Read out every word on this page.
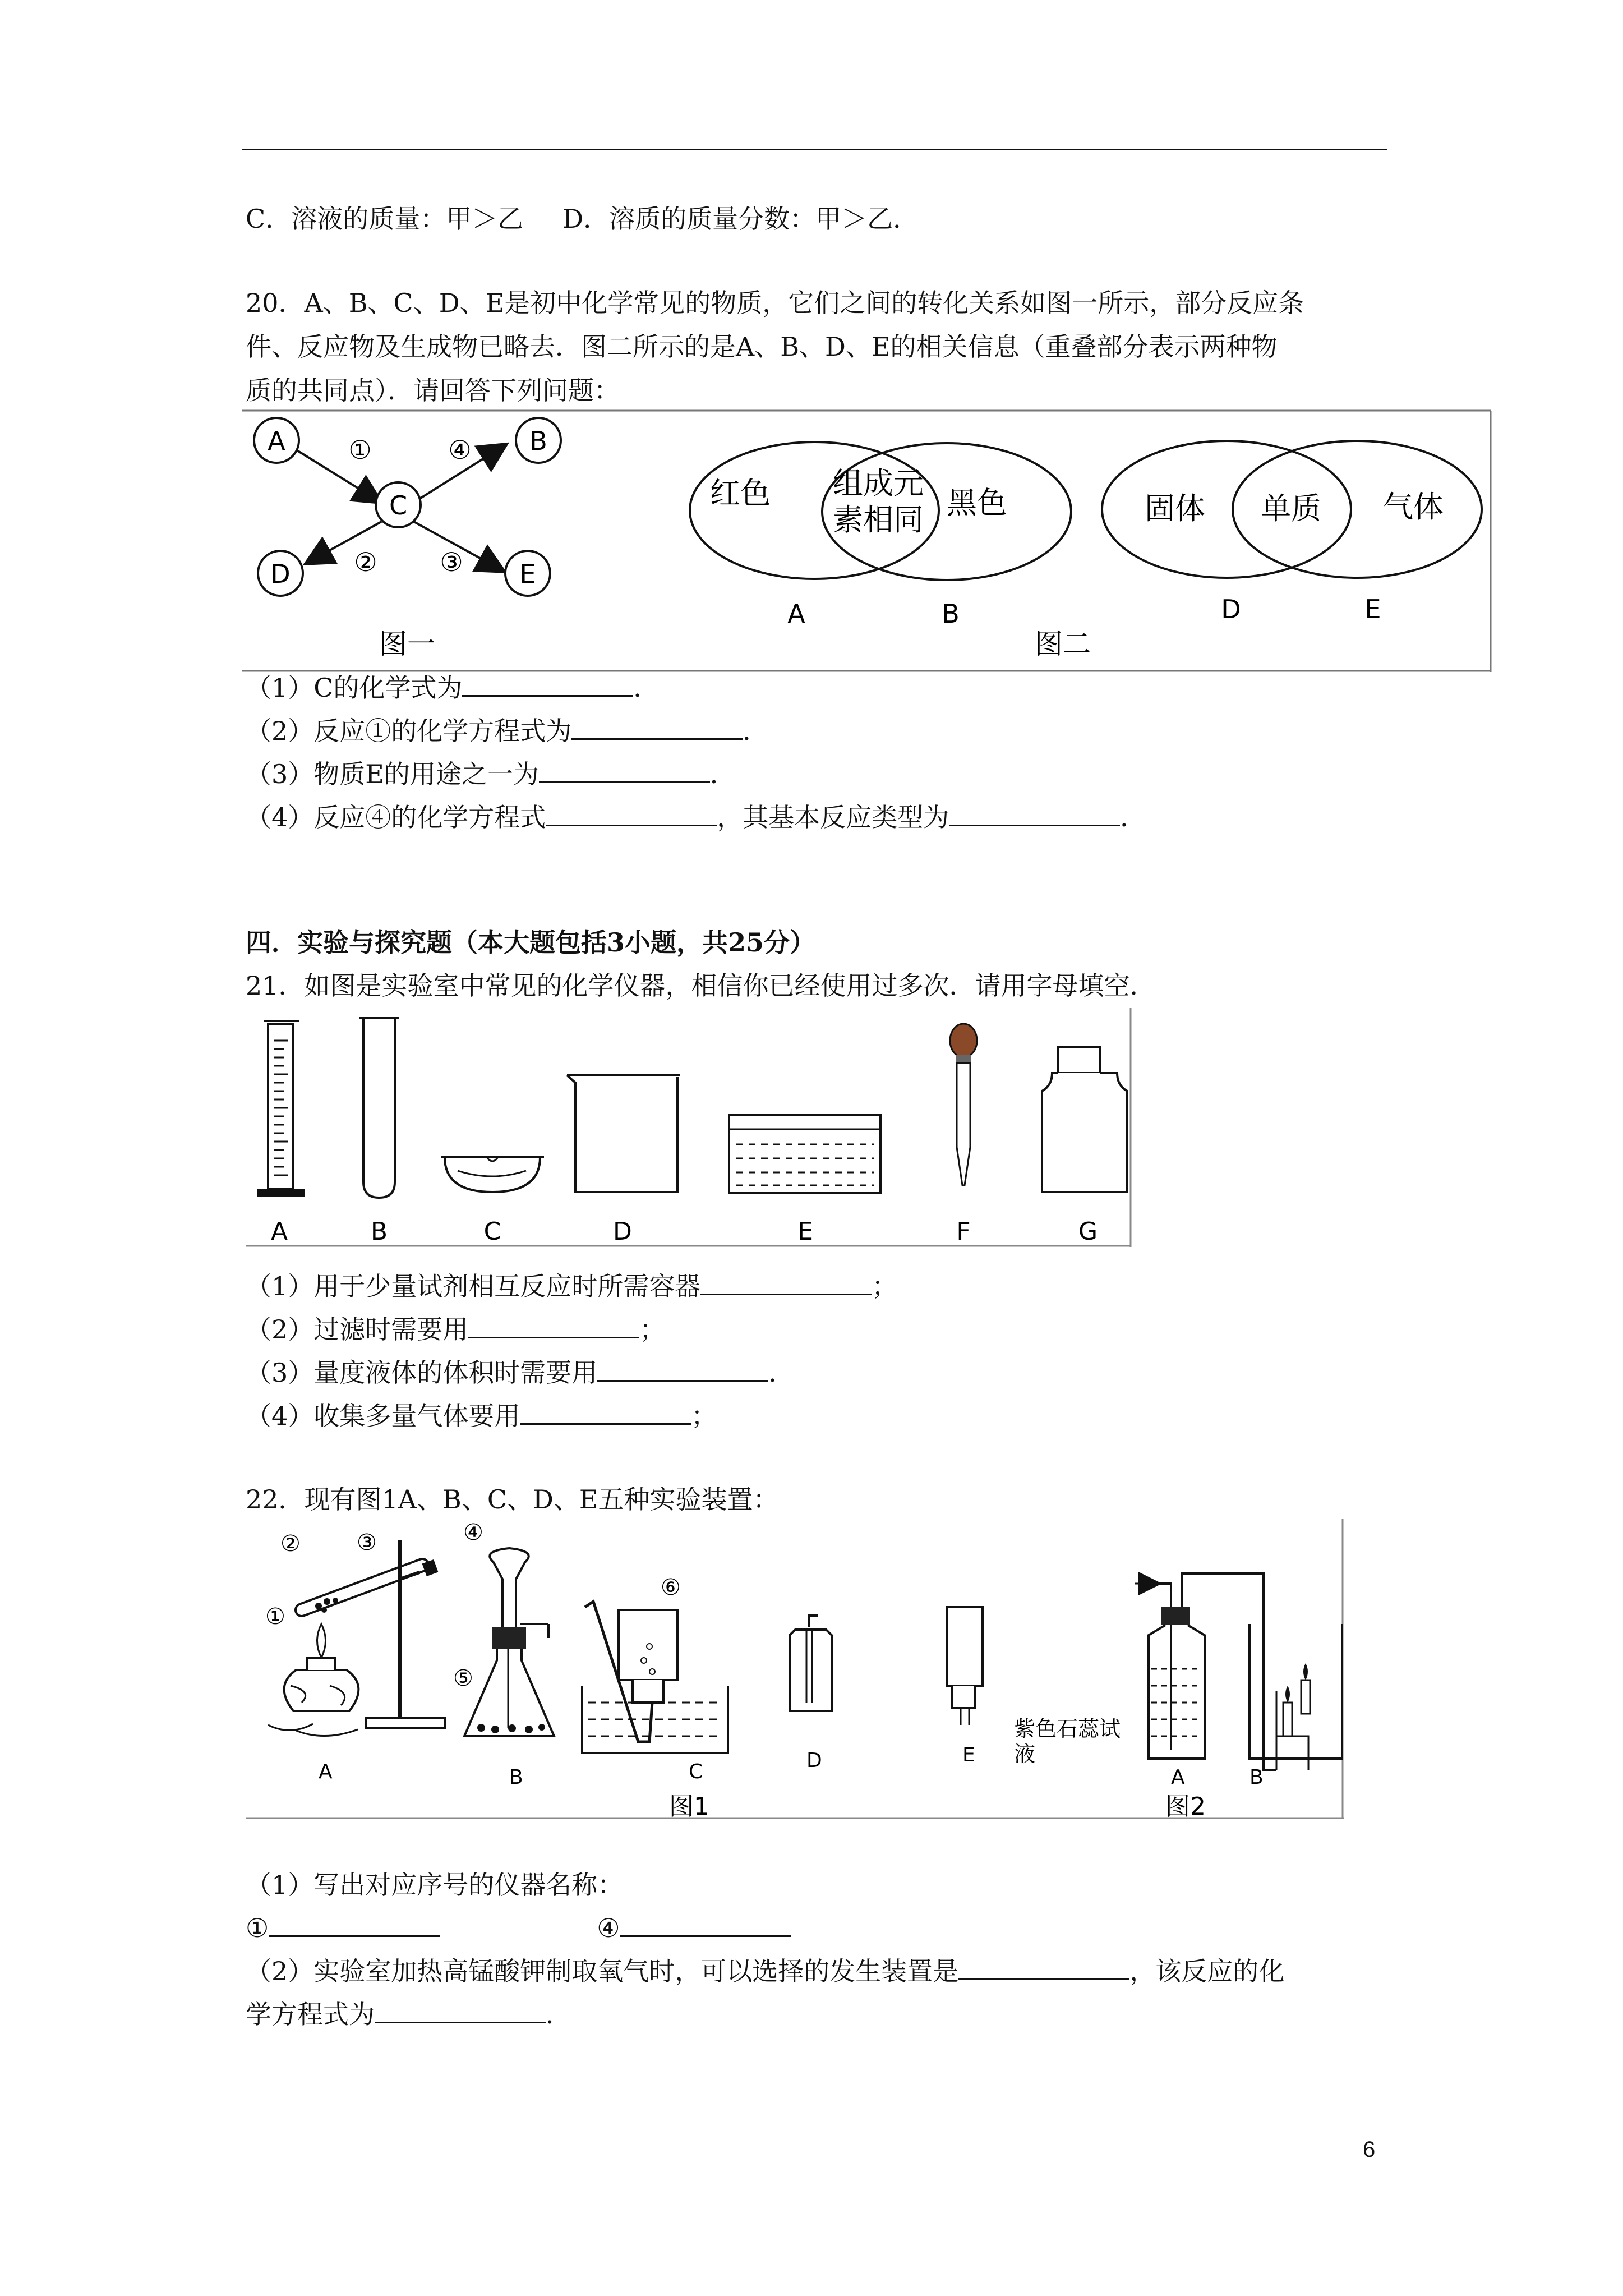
C．溶液的质量：甲＞乙 D．溶质的质量分数：甲＞乙．
20．A、B、C、D、E是初中化学常见的物质，它们之间的转化关系如图一所示，部分反应条
件、反应物及生成物已略去．图二所示的是A、B、D、E的相关信息（重叠部分表示两种物
质的共同点）．请回答下列问题：
A	B
C
D	E
①	④
② ③
图一
红色 组成元
素相同 黑色
A	B
固体 单质 气体
D	E
图二
（1）C的化学式为	．
（2）反应①的化学方程式为	．
（3）物质E的用途之一为	．
（4）反应④的化学方程式	，其基本反应类型为	．
四．实验与探究题（本大题包括3小题，共25分）
21．如图是实验室中常见的化学仪器，相信你已经使用过多次．请用字母填空．
A	B	C	D	E	F	G
（1）用于少量试剂相互反应时所需容器	；
（2）过滤时需要用	；
（3）量度液体的体积时需要用	．
（4）收集多量气体要用	；
22．现有图1A、B、C、D、E五种实验装置：
①
②	③	④
⑤
⑥
紫色石蕊试
液
A	B	C	D	E
图1
A	B
图2
（1）写出对应序号的仪器名称：
①	④
（2）实验室加热高锰酸钾制取氧气时，可以选择的发生装置是	，该反应的化
学方程式为	．
6
